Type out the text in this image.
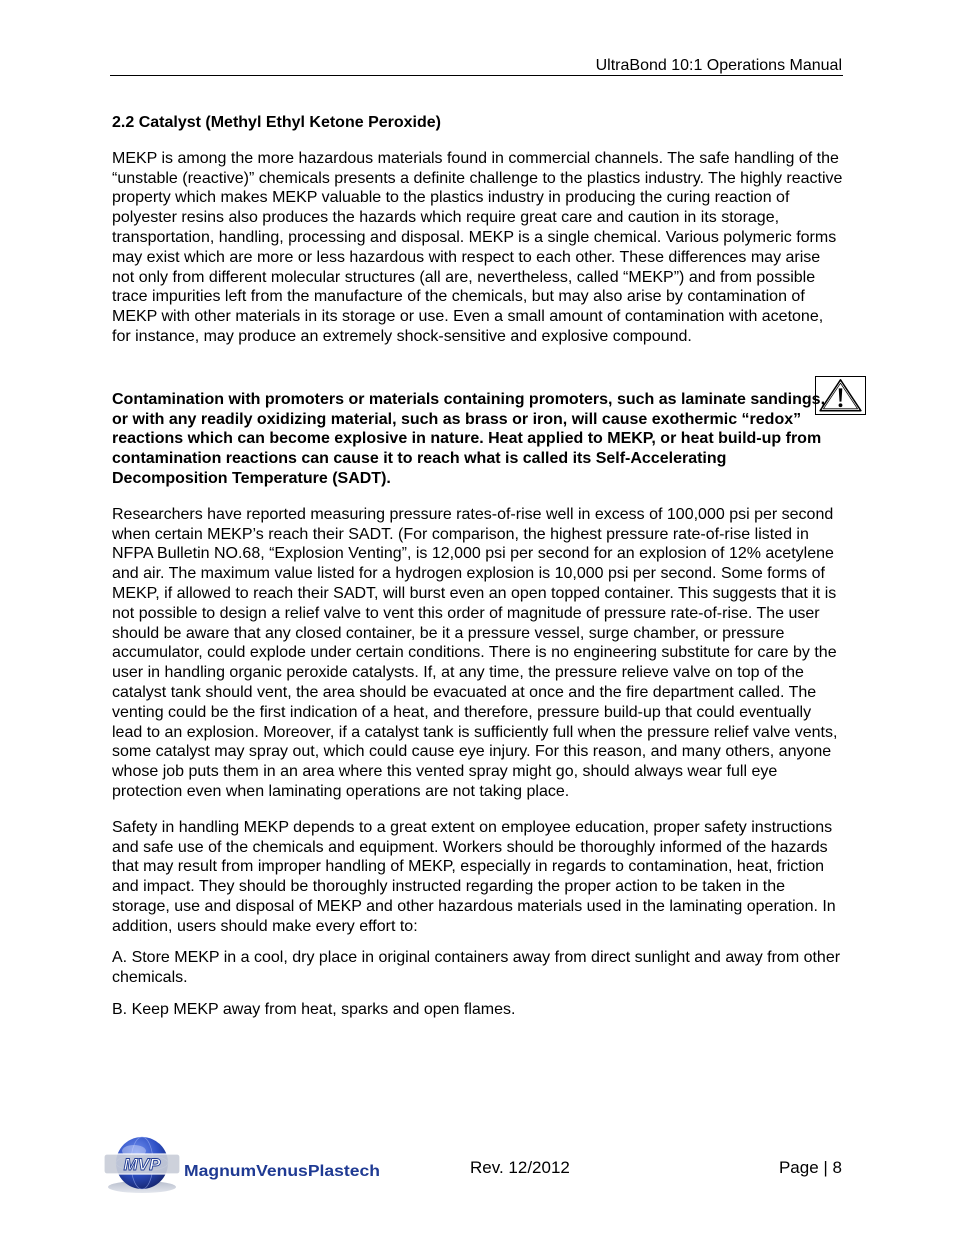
UltraBond 10:1 Operations Manual

2.2 Catalyst (Methyl Ethyl Ketone Peroxide)

MEKP is among the more hazardous materials found in commercial channels. The safe handling of the “unstable (reactive)” chemicals presents a definite challenge to the plastics industry. The highly reactive property which makes MEKP valuable to the plastics industry in producing the curing reaction of polyester resins also produces the hazards which require great care and caution in its storage, transportation, handling, processing and disposal. MEKP is a single chemical. Various polymeric forms may exist which are more or less hazardous with respect to each other. These differences may arise not only from different molecular structures (all are, nevertheless, called “MEKP”) and from possible trace impurities left from the manufacture of the chemicals, but may also arise by contamination of MEKP with other materials in its storage or use. Even a small amount of contamination with acetone, for instance, may produce an extremely shock-sensitive and explosive compound.

Contamination with promoters or materials containing promoters, such as laminate sandings, or with any readily oxidizing material, such as brass or iron, will cause exothermic “redox” reactions which can become explosive in nature. Heat applied to MEKP, or heat build-up from contamination reactions can cause it to reach what is called its Self-Accelerating Decomposition Temperature (SADT).

Researchers have reported measuring pressure rates-of-rise well in excess of 100,000 psi per second when certain MEKP’s reach their SADT. (For comparison, the highest pressure rate-of-rise listed in NFPA Bulletin NO.68, “Explosion Venting”, is 12,000 psi per second for an explosion of 12% acetylene and air. The maximum value listed for a hydrogen explosion is 10,000 psi per second. Some forms of MEKP, if allowed to reach their SADT, will burst even an open topped container. This suggests that it is not possible to design a relief valve to vent this order of magnitude of pressure rate-of-rise. The user should be aware that any closed container, be it a pressure vessel, surge chamber, or pressure accumulator, could explode under certain conditions. There is no engineering substitute for care by the user in handling organic peroxide catalysts. If, at any time, the pressure relieve valve on top of the catalyst tank should vent, the area should be evacuated at once and the fire department called. The venting could be the first indication of a heat, and therefore, pressure build-up that could eventually lead to an explosion. Moreover, if a catalyst tank is sufficiently full when the pressure relief valve vents, some catalyst may spray out, which could cause eye injury. For this reason, and many others, anyone whose job puts them in an area where this vented spray might go, should always wear full eye protection even when laminating operations are not taking place.

Safety in handling MEKP depends to a great extent on employee education, proper safety instructions and safe use of the chemicals and equipment. Workers should be thoroughly informed of the hazards that may result from improper handling of MEKP, especially in regards to contamination, heat, friction and impact. They should be thoroughly instructed regarding the proper action to be taken in the storage, use and disposal of MEKP and other hazardous materials used in the laminating operation. In addition, users should make every effort to:

A. Store MEKP in a cool, dry place in original containers away from direct sunlight and away from other chemicals.

B. Keep MEKP away from heat, sparks and open flames.

MVP MagnumVenusPlastech	Rev. 12/2012	Page | 8
